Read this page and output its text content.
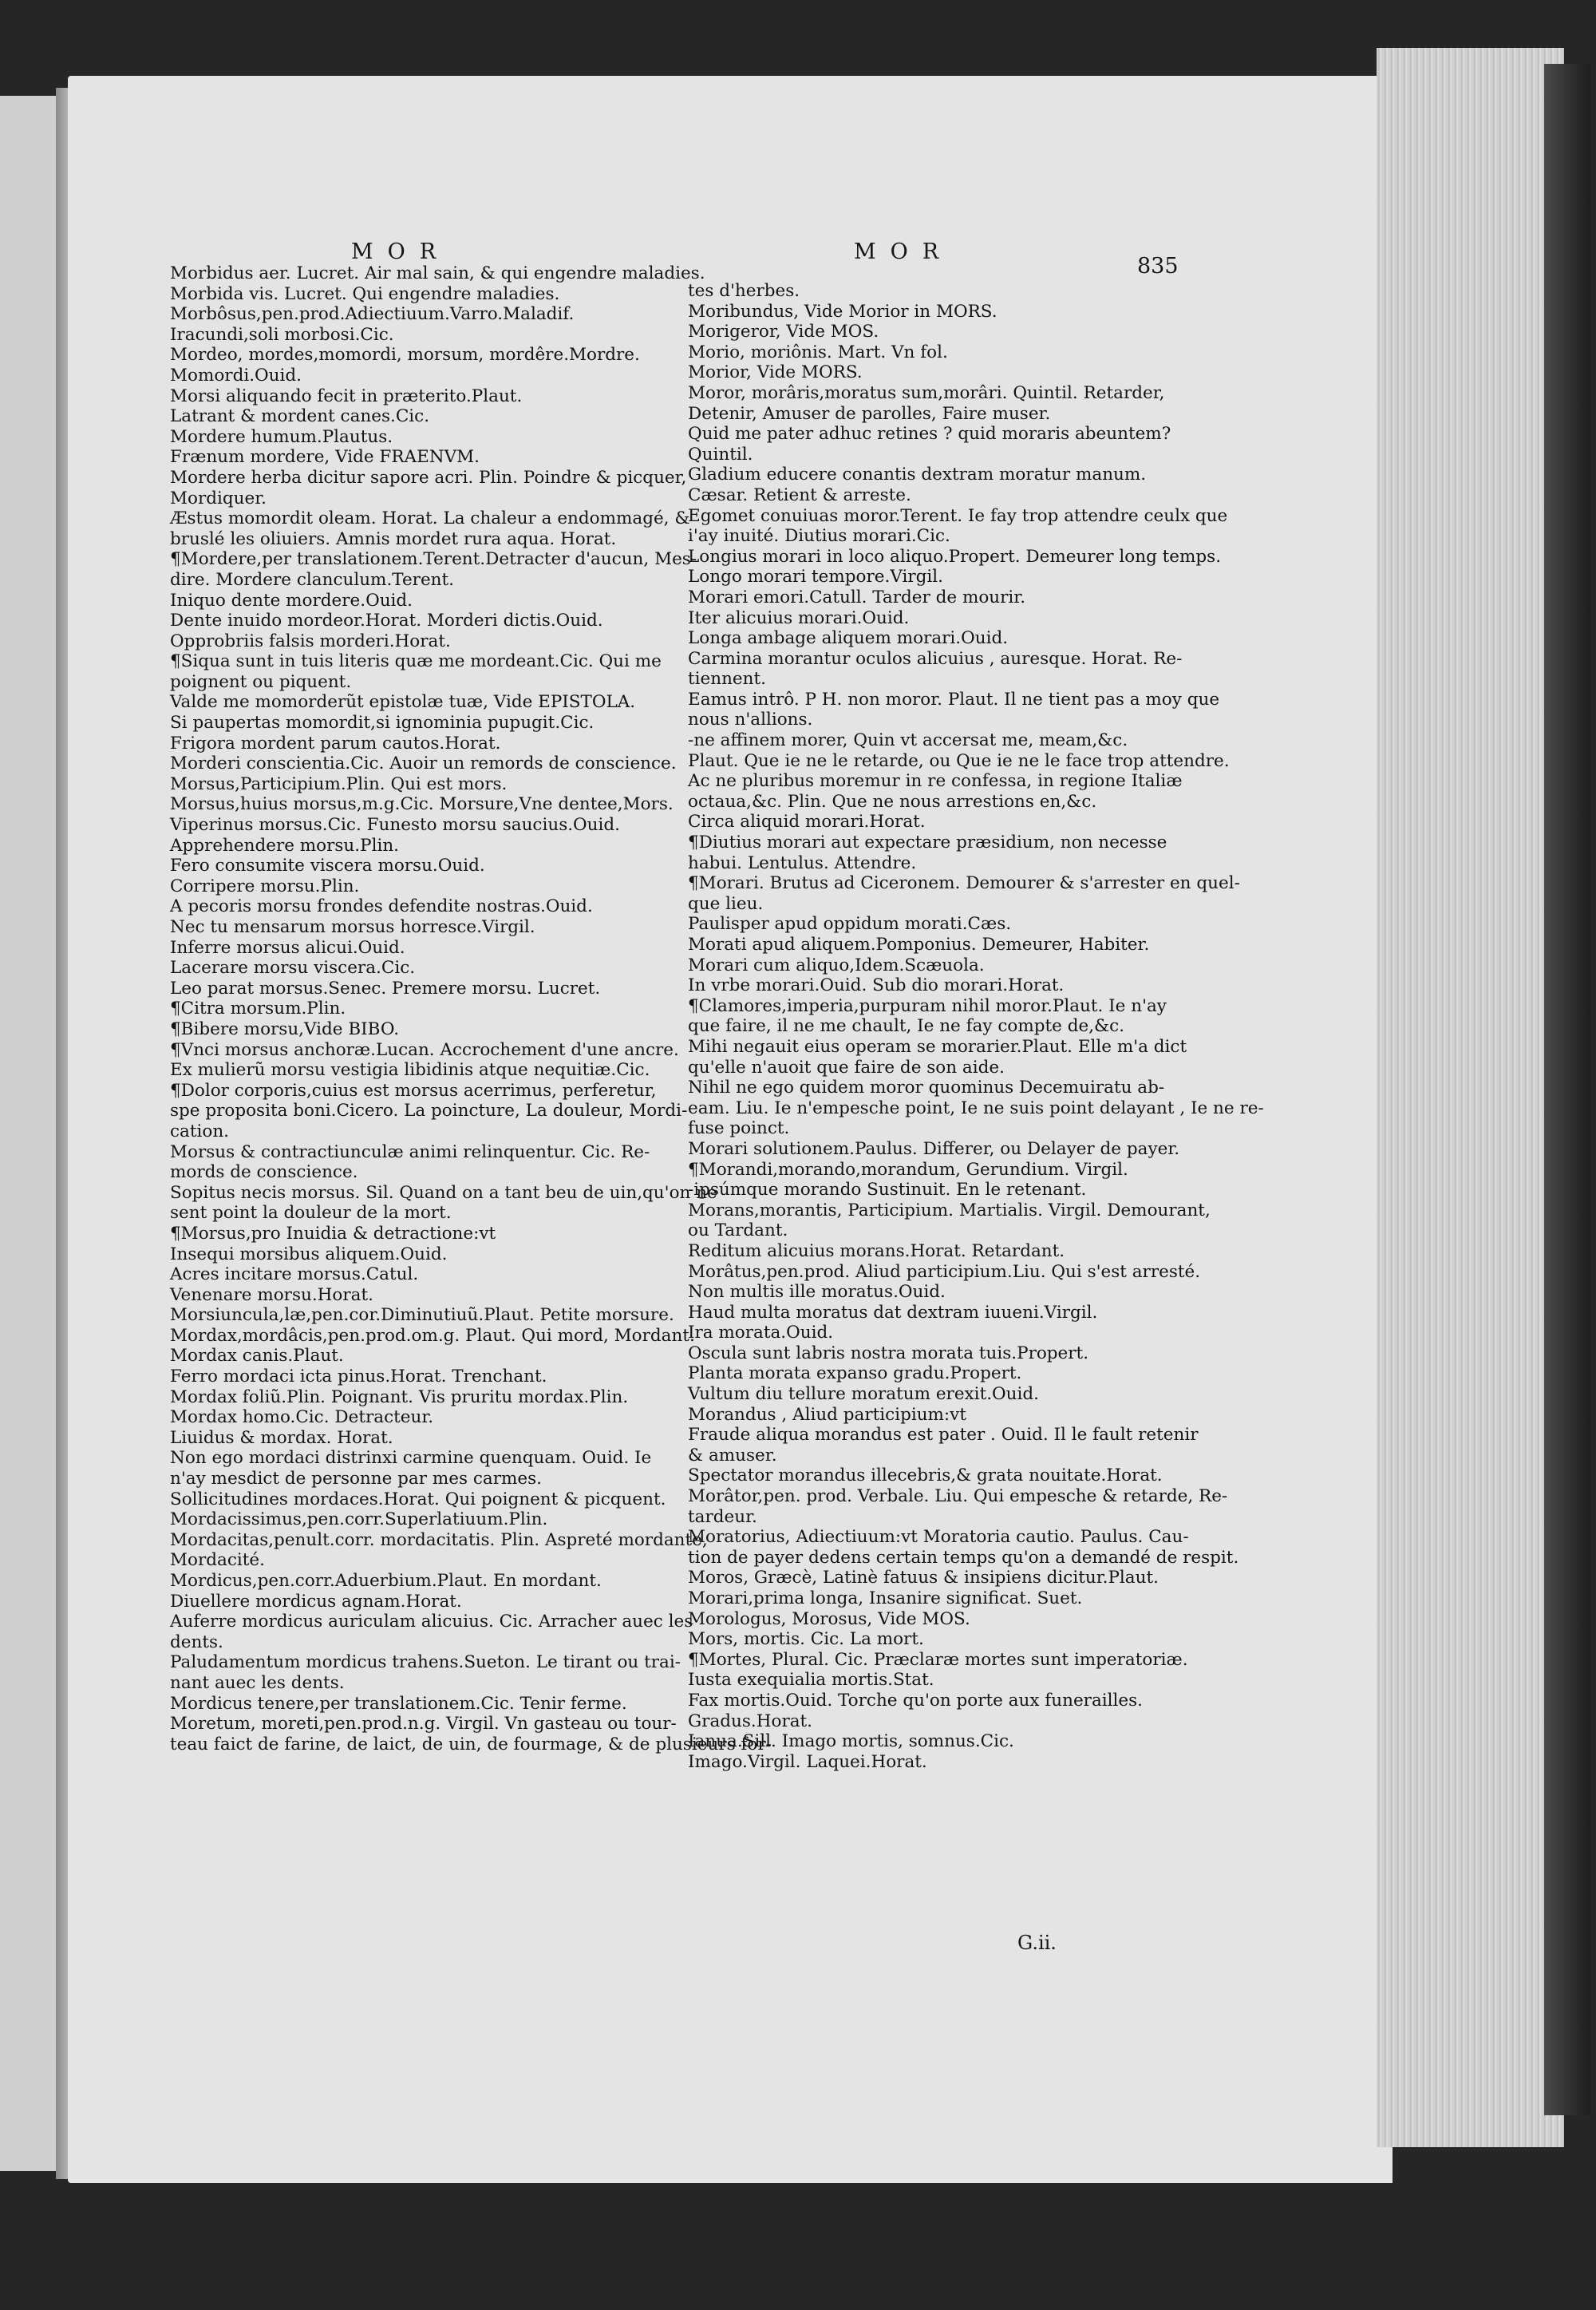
MOR	MOR
835
Morbidus aer. Lucret. Air mal sain, & qui engendre maladies.
Morbida vis. Lucret. Qui engendre maladies.
Morbôsus,pen.prod.Adiectiuum.Varro.Maladif.
Iracundi,soli morbosi.Cic.
Mordeo, mordes,momordi, morsum, mordêre.Mordre.
Momordi.Ouid.
Morsi aliquando fecit in præterito.Plaut.
Latrant & mordent canes.Cic.
Mordere humum.Plautus.
Frænum mordere, Vide FRAENVM.
Mordere herba dicitur sapore acri. Plin. Poindre & picquer,
Mordiquer.
Æstus momordit oleam. Horat. La chaleur a endommagé, &
bruslé les oliuiers. Amnis mordet rura aqua. Horat.
¶Mordere,per translationem.Terent.Detracter d'aucun, Mes-
dire. Mordere clanculum.Terent.
Iniquo dente mordere.Ouid.
Dente inuido mordeor.Horat. Morderi dictis.Ouid.
Opprobriis falsis morderi.Horat.
¶Siqua sunt in tuis literis quæ me mordeant.Cic. Qui me
poignent ou piquent.
Valde me momorderũt epistolæ tuæ, Vide EPISTOLA.
Si paupertas momordit,si ignominia pupugit.Cic.
Frigora mordent parum cautos.Horat.
Morderi conscientia.Cic. Auoir un remords de conscience.
Morsus,Participium.Plin. Qui est mors.
Morsus,huius morsus,m.g.Cic. Morsure,Vne dentee,Mors.
Viperinus morsus.Cic. Funesto morsu saucius.Ouid.
Apprehendere morsu.Plin.
Fero consumite viscera morsu.Ouid.
Corripere morsu.Plin.
A pecoris morsu frondes defendite nostras.Ouid.
Nec tu mensarum morsus horresce.Virgil.
Inferre morsus alicui.Ouid.
Lacerare morsu viscera.Cic.
Leo parat morsus.Senec. Premere morsu. Lucret.
¶Citra morsum.Plin.
¶Bibere morsu,Vide BIBO.
¶Vnci morsus anchoræ.Lucan. Accrochement d'une ancre.
Ex mulierũ morsu vestigia libidinis atque nequitiæ.Cic.
¶Dolor corporis,cuius est morsus acerrimus, perferetur,
spe proposita boni.Cicero. La poincture, La douleur, Mordi-
cation.
Morsus & contractiunculæ animi relinquentur. Cic. Re-
mords de conscience.
Sopitus necis morsus. Sil. Quand on a tant beu de uin,qu'on ne
sent point la douleur de la mort.
¶Morsus,pro Inuidia & detractione:vt
Insequi morsibus aliquem.Ouid.
Acres incitare morsus.Catul.
Venenare morsu.Horat.
Morsiuncula,læ,pen.cor.Diminutiuũ.Plaut. Petite morsure.
Mordax,mordâcis,pen.prod.om.g. Plaut. Qui mord, Mordant.
Mordax canis.Plaut.
Ferro mordaci icta pinus.Horat. Trenchant.
Mordax foliũ.Plin. Poignant. Vis pruritu mordax.Plin.
Mordax homo.Cic. Detracteur.
Liuidus & mordax. Horat.
Non ego mordaci distrinxi carmine quenquam. Ouid. Ie
n'ay mesdict de personne par mes carmes.
Sollicitudines mordaces.Horat. Qui poignent & picquent.
Mordacissimus,pen.corr.Superlatiuum.Plin.
Mordacitas,penult.corr. mordacitatis. Plin. Aspreté mordante,
Mordacité.
Mordicus,pen.corr.Aduerbium.Plaut. En mordant.
Diuellere mordicus agnam.Horat.
Auferre mordicus auriculam alicuius. Cic. Arracher auec les
dents.
Paludamentum mordicus trahens.Sueton. Le tirant ou trai-
nant auec les dents.
Mordicus tenere,per translationem.Cic. Tenir ferme.
Moretum, moreti,pen.prod.n.g. Virgil. Vn gasteau ou tour-
teau faict de farine, de laict, de uin, de fourmage, & de plusieurs for-
tes d'herbes.
Moribundus, Vide Morior in MORS.
Morigeror, Vide MOS.
Morio, moriônis. Mart. Vn fol.
Morior, Vide MORS.
Moror, morâris,moratus sum,morâri. Quintil. Retarder,
Detenir, Amuser de parolles, Faire muser.
Quid me pater adhuc retines ? quid moraris abeuntem?
Quintil.
Gladium educere conantis dextram moratur manum.
Cæsar. Retient & arreste.
Egomet conuiuas moror.Terent. Ie fay trop attendre ceulx que
i'ay inuité. Diutius morari.Cic.
Longius morari in loco aliquo.Propert. Demeurer long temps.
Longo morari tempore.Virgil.
Morari emori.Catull. Tarder de mourir.
Iter alicuius morari.Ouid.
Longa ambage aliquem morari.Ouid.
Carmina morantur oculos alicuius , auresque. Horat. Re-
tiennent.
Eamus intrô. P H. non moror. Plaut. Il ne tient pas a moy que
nous n'allions.
-ne affinem morer, Quin vt accersat me, meam,&c.
Plaut. Que ie ne le retarde, ou Que ie ne le face trop attendre.
Ac ne pluribus moremur in re confessa, in regione Italiæ
octaua,&c. Plin. Que ne nous arrestions en,&c.
Circa aliquid morari.Horat.
¶Diutius morari aut expectare præsidium, non necesse
habui. Lentulus. Attendre.
¶Morari. Brutus ad Ciceronem. Demourer & s'arrester en quel-
que lieu.
Paulisper apud oppidum morati.Cæs.
Morati apud aliquem.Pomponius. Demeurer, Habiter.
Morari cum aliquo,Idem.Scæuola.
In vrbe morari.Ouid. Sub dio morari.Horat.
¶Clamores,imperia,purpuram nihil moror.Plaut. Ie n'ay
que faire, il ne me chault, Ie ne fay compte de,&c.
Mihi negauit eius operam se morarier.Plaut. Elle m'a dict
qu'elle n'auoit que faire de son aide.
Nihil ne ego quidem moror quominus Decemuiratu ab-
eam. Liu. Ie n'empesche point, Ie ne suis point delayant , Ie ne re-
fuse poinct.
Morari solutionem.Paulus. Differer, ou Delayer de payer.
¶Morandi,morando,morandum, Gerundium. Virgil.
-ipsúmque morando Sustinuit. En le retenant.
Morans,morantis, Participium. Martialis. Virgil. Demourant,
ou Tardant.
Reditum alicuius morans.Horat. Retardant.
Morâtus,pen.prod. Aliud participium.Liu. Qui s'est arresté.
Non multis ille moratus.Ouid.
Haud multa moratus dat dextram iuueni.Virgil.
Ira morata.Ouid.
Oscula sunt labris nostra morata tuis.Propert.
Planta morata expanso gradu.Propert.
Vultum diu tellure moratum erexit.Ouid.
Morandus , Aliud participium:vt
Fraude aliqua morandus est pater . Ouid. Il le fault retenir
& amuser.
Spectator morandus illecebris,& grata nouitate.Horat.
Morâtor,pen. prod. Verbale. Liu. Qui empesche & retarde, Re-
tardeur.
Moratorius, Adiectiuum:vt Moratoria cautio. Paulus. Cau-
tion de payer dedens certain temps qu'on a demandé de respit.
Moros, Græcè, Latinè fatuus & insipiens dicitur.Plaut.
Morari,prima longa, Insanire significat. Suet.
Morologus, Morosus, Vide MOS.
Mors, mortis. Cic. La mort.
¶Mortes, Plural. Cic. Præclaræ mortes sunt imperatoriæ.
Iusta exequialia mortis.Stat.
Fax mortis.Ouid. Torche qu'on porte aux funerailles.
Gradus.Horat.
Ianua.Sill. Imago mortis, somnus.Cic.
Imago.Virgil. Laquei.Horat.
G.ii.
